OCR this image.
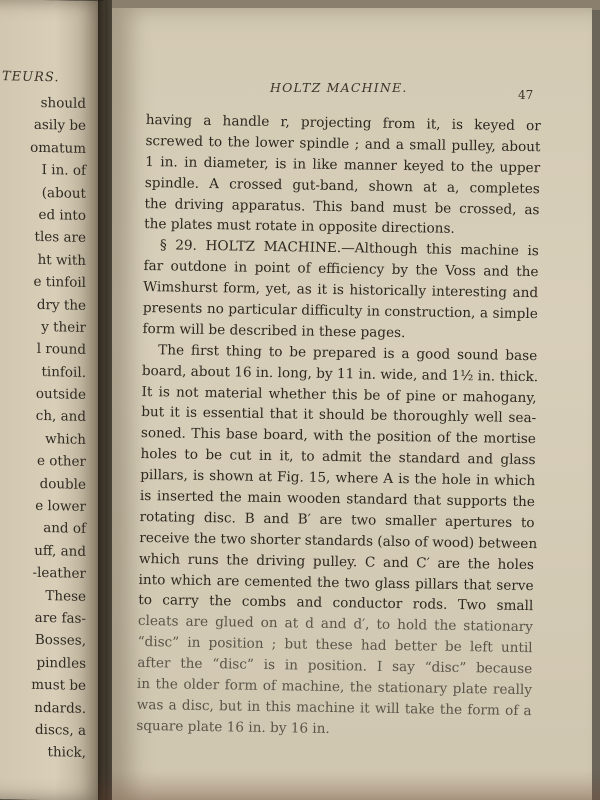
TEURS.
should
asily be
omatum
I in. of
(about
ed into
tles are
ht with
e tinfoil
dry the
y their
l round
tinfoil.
outside
ch, and
which
e other
double
e lower
and of
uff, and
-leather
These
are fas-
Bosses,
pindles
must be
ndards.
discs, a
thick,
HOLTZ MACHINE.	47
having a handle r, projecting from it, is keyed or
screwed to the lower spindle ; and a small pulley, about
1 in. in diameter, is in like manner keyed to the upper
spindle. A crossed gut-band, shown at a, completes
the driving apparatus. This band must be crossed, as
the plates must rotate in opposite directions.
§ 29. HOLTZ MACHINE.—Although this machine is
far outdone in point of efficiency by the Voss and the
Wimshurst form, yet, as it is historically interesting and
presents no particular difficulty in construction, a simple
form will be described in these pages.
The first thing to be prepared is a good sound base
board, about 16 in. long, by 11 in. wide, and 1½ in. thick.
It is not material whether this be of pine or mahogany,
but it is essential that it should be thoroughly well sea-
soned. This base board, with the position of the mortise
holes to be cut in it, to admit the standard and glass
pillars, is shown at Fig. 15, where A is the hole in which
is inserted the main wooden standard that supports the
rotating disc. B and B′ are two smaller apertures to
receive the two shorter standards (also of wood) between
which runs the driving pulley. C and C′ are the holes
into which are cemented the two glass pillars that serve
to carry the combs and conductor rods. Two small
cleats are glued on at d and d′, to hold the stationary
“disc” in position ; but these had better be left until
after the “disc” is in position. I say “disc” because
in the older form of machine, the stationary plate really
was a disc, but in this machine it will take the form of a
square plate 16 in. by 16 in.
